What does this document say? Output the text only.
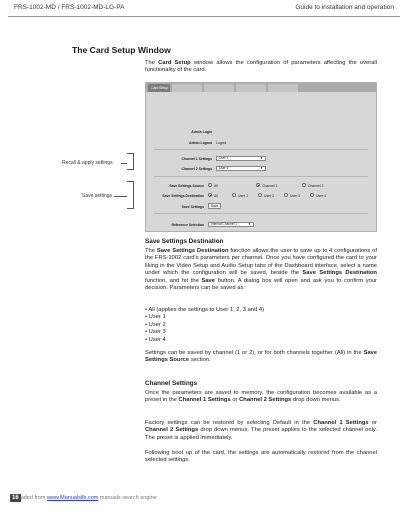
FRS-1002-MD / FRS-1002-MD-LG-PA	Guide to installation and operation
The Card Setup Window
The Card Setup window allows the configuration of parameters affecting the overall functionality of the card.
Card Setup
Admin Login
Admin Logout Logout
Channel 1 Settings	User 1	▼
Channel 2 Settings	User 1	▼
Save Settings Source	All	Channel 1	Channel 2
Save Settings Destination	All	User 1	User 2	User 3	User 4
Save Settings	Save
Reference Selection	Internal Channel 1	▼
Recall & apply settings
Save settings
Save Settings Destination
The Save Settings Destination function allows the user to save up to 4 configurations of the FRS-1002 card's parameters per channel. Once you have configured the card to your liking in the Video Setup and Audio Setup tabs of the Dashboard interface, select a name under which the configuration will be saved, beside the Save Settings Destination function, and hit the Save button. A dialog box will open and ask you to confirm your decision. Parameters can be saved as:
• All (applies the settings to User 1, 2, 3 and 4)
• User 1
• User 2
• User 3
• User 4
Settings can be saved by channel (1 or 2), or for both channels together (All) in the Save Settings Source section.
Channel Settings
Once the parameters are saved to memory, the configuration becomes available as a preset in the Channel 1 Settings or Channel 2 Settings drop down menus.
Factory settings can be restored by selecting Default in the Channel 1 Settings or Channel 2 Settings drop down menus. The preset applies to the selected channel only. The preset is applied immediately.
Following boot up of the card, the settings are automatically restored from the channel selected settings.
16 aded from www.Manualslib.com manuals search engine
